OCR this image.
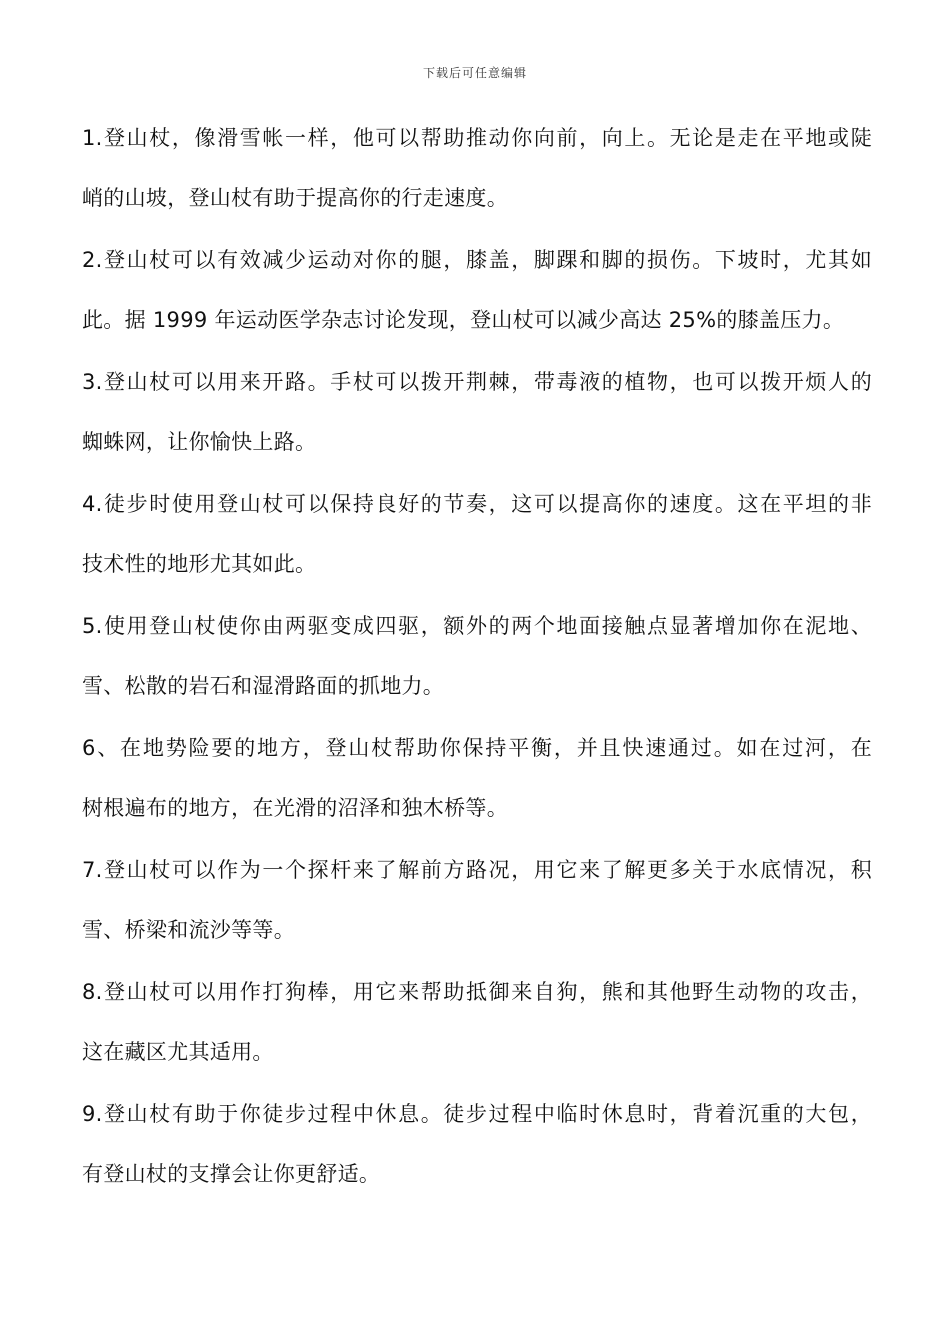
下载后可任意编辑
1.登山杖，像滑雪帐一样，他可以帮助推动你向前，向上。无论是走在平地或陡
峭的山坡，登山杖有助于提高你的行走速度。
2.登山杖可以有效减少运动对你的腿，膝盖，脚踝和脚的损伤。下坡时，尤其如
此。据 1999 年运动医学杂志讨论发现，登山杖可以减少高达 25%的膝盖压力。
3.登山杖可以用来开路。手杖可以拨开荆棘，带毒液的植物，也可以拨开烦人的
蜘蛛网，让你愉快上路。
4.徒步时使用登山杖可以保持良好的节奏，这可以提高你的速度。这在平坦的非
技术性的地形尤其如此。
5.使用登山杖使你由两驱变成四驱，额外的两个地面接触点显著增加你在泥地、
雪、松散的岩石和湿滑路面的抓地力。
6、在地势险要的地方，登山杖帮助你保持平衡，并且快速通过。如在过河，在
树根遍布的地方，在光滑的沼泽和独木桥等。
7.登山杖可以作为一个探杆来了解前方路况，用它来了解更多关于水底情况，积
雪、桥梁和流沙等等。
8.登山杖可以用作打狗棒，用它来帮助抵御来自狗，熊和其他野生动物的攻击，
这在藏区尤其适用。
9.登山杖有助于你徒步过程中休息。徒步过程中临时休息时，背着沉重的大包，
有登山杖的支撑会让你更舒适。
